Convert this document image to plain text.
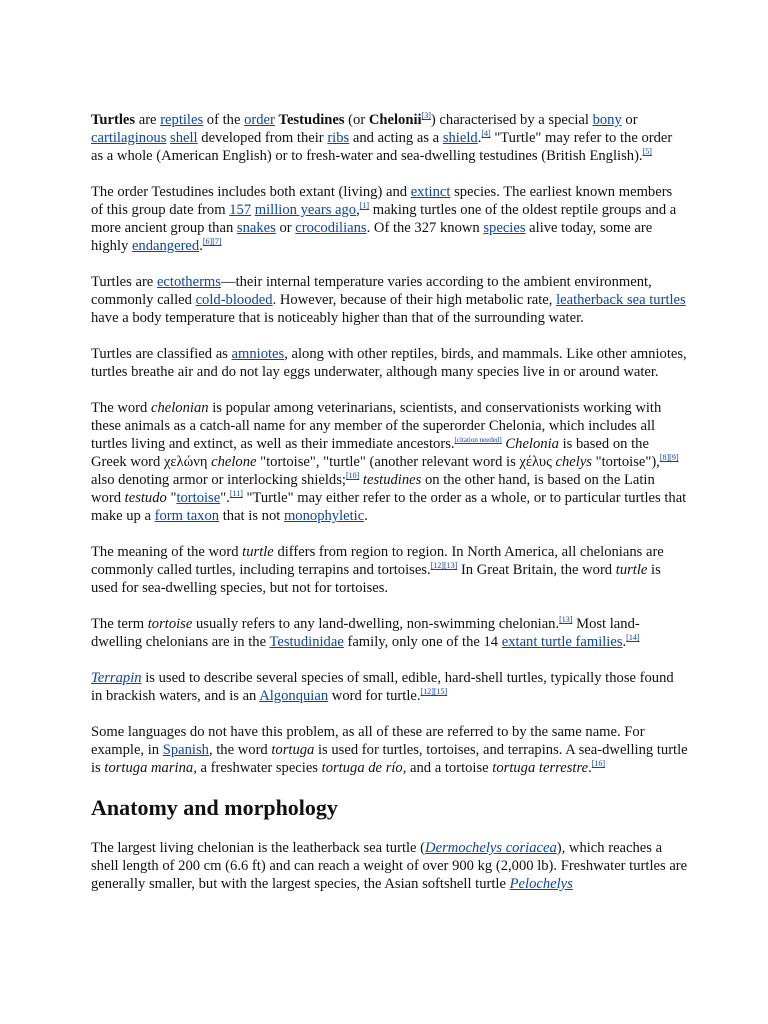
Turtles are reptiles of the order Testudines (or Chelonii[3]) characterised by a special bony or cartilaginous shell developed from their ribs and acting as a shield.[4] "Turtle" may refer to the order as a whole (American English) or to fresh-water and sea-dwelling testudines (British English).[5]

The order Testudines includes both extant (living) and extinct species. The earliest known members of this group date from 157 million years ago,[1] making turtles one of the oldest reptile groups and a more ancient group than snakes or crocodilians. Of the 327 known species alive today, some are highly endangered.[6][7]

Turtles are ectotherms—their internal temperature varies according to the ambient environment, commonly called cold-blooded. However, because of their high metabolic rate, leatherback sea turtles have a body temperature that is noticeably higher than that of the surrounding water.

Turtles are classified as amniotes, along with other reptiles, birds, and mammals. Like other amniotes, turtles breathe air and do not lay eggs underwater, although many species live in or around water.

The word chelonian is popular among veterinarians, scientists, and conservationists working with these animals as a catch-all name for any member of the superorder Chelonia, which includes all turtles living and extinct, as well as their immediate ancestors.[citation needed] Chelonia is based on the Greek word χελώνη chelone "tortoise", "turtle" (another relevant word is χέλυς chelys "tortoise"),[8][9] also denoting armor or interlocking shields;[10] testudines on the other hand, is based on the Latin word testudo "tortoise".[11] "Turtle" may either refer to the order as a whole, or to particular turtles that make up a form taxon that is not monophyletic.

The meaning of the word turtle differs from region to region. In North America, all chelonians are commonly called turtles, including terrapins and tortoises.[12][13] In Great Britain, the word turtle is used for sea-dwelling species, but not for tortoises.

The term tortoise usually refers to any land-dwelling, non-swimming chelonian.[13] Most land-dwelling chelonians are in the Testudinidae family, only one of the 14 extant turtle families.[14]

Terrapin is used to describe several species of small, edible, hard-shell turtles, typically those found in brackish waters, and is an Algonquian word for turtle.[12][15]

Some languages do not have this problem, as all of these are referred to by the same name. For example, in Spanish, the word tortuga is used for turtles, tortoises, and terrapins. A sea-dwelling turtle is tortuga marina, a freshwater species tortuga de río, and a tortoise tortuga terrestre.[16]

Anatomy and morphology

The largest living chelonian is the leatherback sea turtle (Dermochelys coriacea), which reaches a shell length of 200 cm (6.6 ft) and can reach a weight of over 900 kg (2,000 lb). Freshwater turtles are generally smaller, but with the largest species, the Asian softshell turtle Pelochelys
